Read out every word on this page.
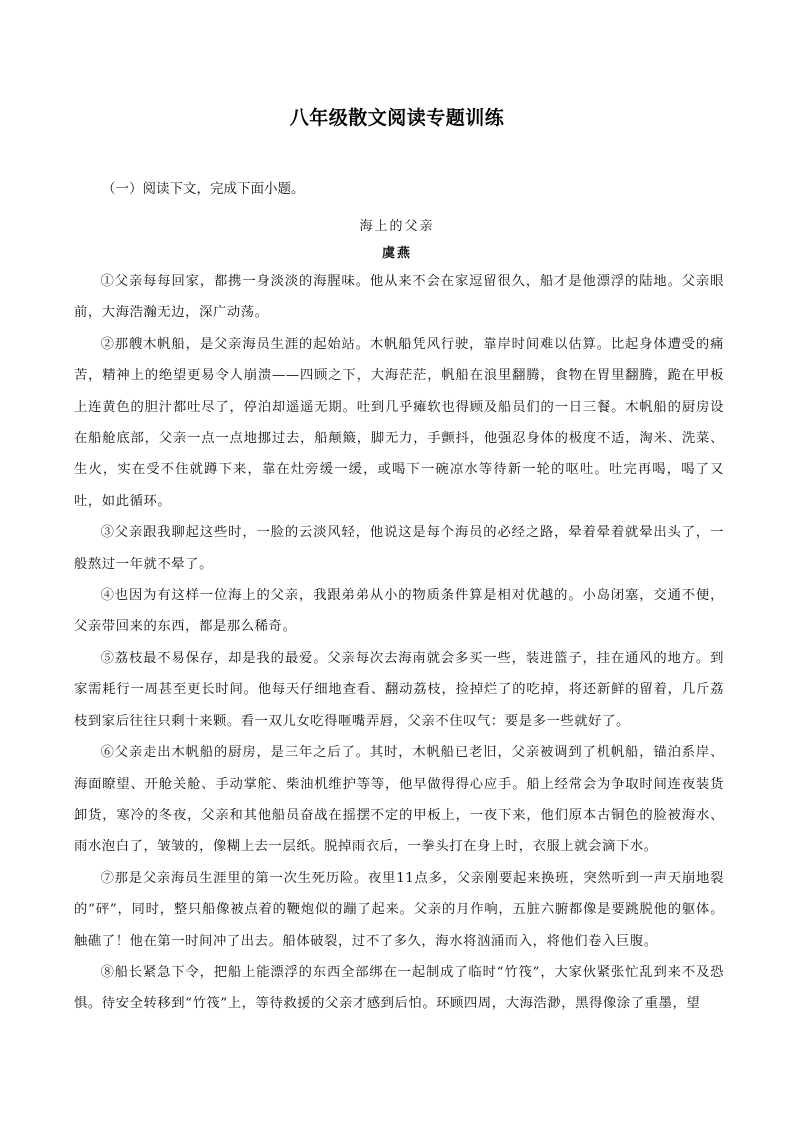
八年级散文阅读专题训练
（一）阅读下文，完成下面小题。
海上的父亲
虞燕

①父亲每每回家，都携一身淡淡的海腥味。他从来不会在家逗留很久，船才是他漂浮的陆地。父亲眼前，大海浩瀚无边，深广动荡。

②那艘木帆船，是父亲海员生涯的起始站。木帆船凭风行驶，靠岸时间难以估算。比起身体遭受的痛苦，精神上的绝望更易令人崩溃——四顾之下，大海茫茫，帆船在浪里翻腾，食物在胃里翻腾，跪在甲板上连黄色的胆汁都吐尽了，停泊却遥遥无期。吐到几乎瘫软也得顾及船员们的一日三餐。木帆船的厨房设在船舱底部，父亲一点一点地挪过去，船颠簸，脚无力，手颤抖，他强忍身体的极度不适，淘米、洗菜、生火，实在受不住就蹲下来，靠在灶旁缓一缓，或喝下一碗凉水等待新一轮的呕吐。吐完再喝，喝了又吐，如此循环。

③父亲跟我聊起这些时，一脸的云淡风轻，他说这是每个海员的必经之路，晕着晕着就晕出头了，一般熬过一年就不晕了。

④也因为有这样一位海上的父亲，我跟弟弟从小的物质条件算是相对优越的。小岛闭塞，交通不便，父亲带回来的东西，都是那么稀奇。

⑤荔枝最不易保存，却是我的最爱。父亲每次去海南就会多买一些，装进篮子，挂在通风的地方。到家需耗行一周甚至更长时间。他每天仔细地查看、翻动荔枝，捡掉烂了的吃掉，将还新鲜的留着，几斤荔枝到家后往往只剩十来颗。看一双儿女吃得咂嘴弄唇，父亲不住叹气：要是多一些就好了。

⑥父亲走出木帆船的厨房，是三年之后了。其时，木帆船已老旧，父亲被调到了机帆船，锚泊系岸、海面瞭望、开舱关舱、手动掌舵、柴油机维护等等，他早做得得心应手。船上经常会为争取时间连夜装货卸货，寒冷的冬夜，父亲和其他船员奋战在摇摆不定的甲板上，一夜下来，他们原本古铜色的脸被海水、雨水泡白了，皱皱的，像糊上去一层纸。脱掉雨衣后，一拳头打在身上时，衣服上就会滴下水。

⑦那是父亲海员生涯里的第一次生死历险。夜里11点多，父亲刚要起来换班，突然听到一声天崩地裂的“砰”，同时，整只船像被点着的鞭炮似的蹦了起来。父亲的月作响，五脏六腑都像是要跳脱他的躯体。触礁了！他在第一时间冲了出去。船体破裂，过不了多久，海水将汹涌而入，将他们卷入巨腹。

⑧船长紧急下令，把船上能漂浮的东西全部绑在一起制成了临时“竹筏”，大家伙紧张忙乱到来不及恐惧。待安全转移到“竹筏”上，等待救援的父亲才感到后怕。环顾四周，大海浩渺，黑得像涂了重墨，望
